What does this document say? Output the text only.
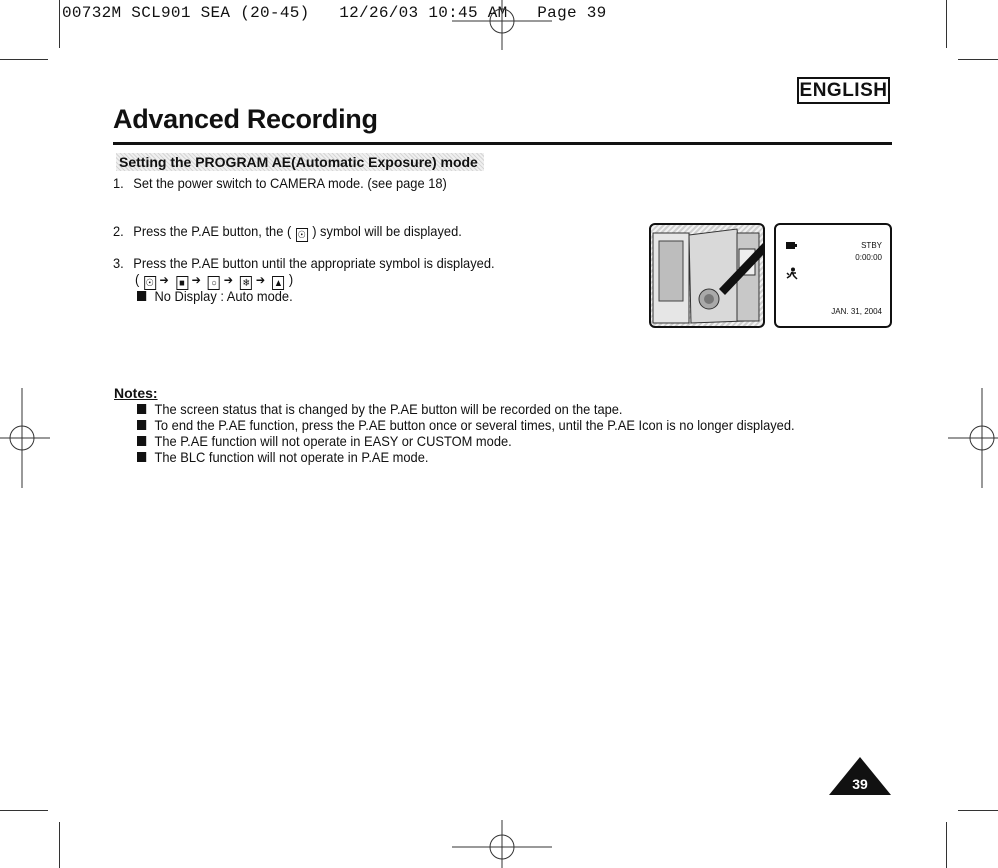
00732M SCL901 SEA (20-45)   12/26/03 10:45 AM   Page 39
ENGLISH
Advanced Recording
Setting the PROGRAM AE(Automatic Exposure) mode
1. Set the power switch to CAMERA mode. (see page 18)
2. Press the P.AE button, the ( ☉ ) symbol will be displayed.
3. Press the P.AE button until the appropriate symbol is displayed.
( ☉ ➔ ■ ➔ ○ ➔ ❄ ➔ ▲ )
No Display : Auto mode.
STBY
0:00:00
JAN. 31, 2004
Notes:
The screen status that is changed by the P.AE button will be recorded on the tape.
To end the P.AE function, press the P.AE button once or several times, until the P.AE Icon is no longer displayed.
The P.AE function will not operate in EASY or CUSTOM mode.
The BLC function will not operate in P.AE mode.
39
